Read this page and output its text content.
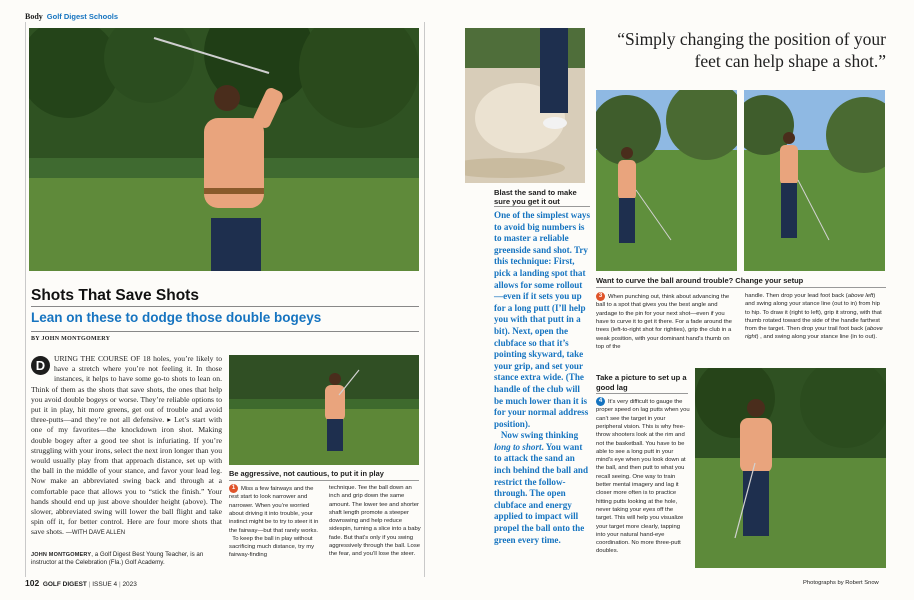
Body Golf Digest Schools
Shots That Save Shots
Lean on these to dodge those double bogeys
BY JOHN MONTGOMERY
D	URING THE COURSE OF 18 holes, you’re likely to have a stretch where you’re not feeling it. In those instances, it helps to have some go-to shots to lean on. Think of them as the shots that save shots, the ones that help you avoid double bogeys or worse. They’re reliable options to put it in play, hit more greens, get out of trouble and avoid three-putts—and they’re not all defensive. ▸ Let’s start with one of my favorites—the knockdown iron shot. Making double bogey after a good tee shot is infuriating. If you’re struggling with your irons, select the next iron longer than you would usually play from that approach distance, set up with the ball in the middle of your stance, and favor your lead leg. Now make an abbreviated swing back and through at a comfortable pace that allows you to “stick the finish.” Your hands should end up just above shoulder height (above). The slower, abbreviated swing will lower the ball flight and take spin off it, for better control. Here are four more shots that save shots. —WITH DAVE ALLEN
JOHN MONTGOMERY, a Golf Digest Best Young Teacher, is an instructor at the Celebration (Fla.) Golf Academy.
Be aggressive, not cautious, to put it in play
1 Miss a few fairways and the rest start to look narrower and narrower. When you’re worried about driving it into trouble, your instinct might be to try to steer it in the fairway—but that rarely works.
To keep the ball in play without sacrificing much distance, try my fairway-finding
technique. Tee the ball down an inch and grip down the same amount. The lower tee and shorter shaft length promote a steeper downswing and help reduce sidespin, turning a slice into a baby fade. But that’s only if you swing aggressively through the ball. Lose the fear, and you’ll lose the steer.
102 GOLF DIGEST | ISSUE 4 | 2023
“Simply changing the position of your feet can help shape a shot.”
Blast the sand to make sure you get it out
One of the simplest ways to avoid big numbers is to master a reliable greenside sand shot. Try this technique: First, pick a landing spot that allows for some rollout—even if it sets you up for a long putt (I’ll help you with that putt in a bit). Next, open the clubface so that it’s pointing skyward, take your grip, and set your stance extra wide. (The handle of the club will be much lower than it is for your normal address position).
Now swing thinking long to short. You want to attack the sand an inch behind the ball and restrict the follow-through. The open clubface and energy applied to impact will propel the ball onto the green every time.
Want to curve the ball around trouble? Change your setup
3 When punching out, think about advancing the ball to a spot that gives you the best angle and yardage to the pin for your next shot—even if you have to curve it to get it there. For a fade around the trees (left-to-right shot for righties), grip the club in a weak position, with your dominant hand’s thumb on top of the
handle. Then drop your lead foot back (above left) and swing along your stance line (out to in) from hip to hip. To draw it (right to left), grip it strong, with that thumb rotated toward the side of the handle farthest from the target. Then drop your trail foot back (above right) , and swing along your stance line (in to out).
Take a picture to set up a good lag
4 It’s very difficult to gauge the proper speed on lag putts when you can’t see the target in your peripheral vision. This is why free-throw shooters look at the rim and not the basketball. You have to be able to see a long putt in your mind’s eye when you look down at the ball, and then putt to what you recall seeing. One way to train better mental imagery and lag it closer more often is to practice hitting putts looking at the hole, never taking your eyes off the target. This will help you visualize your target more clearly, tapping into your natural hand-eye coordination. No more three-putt doubles.
Photographs by Robert Snow
